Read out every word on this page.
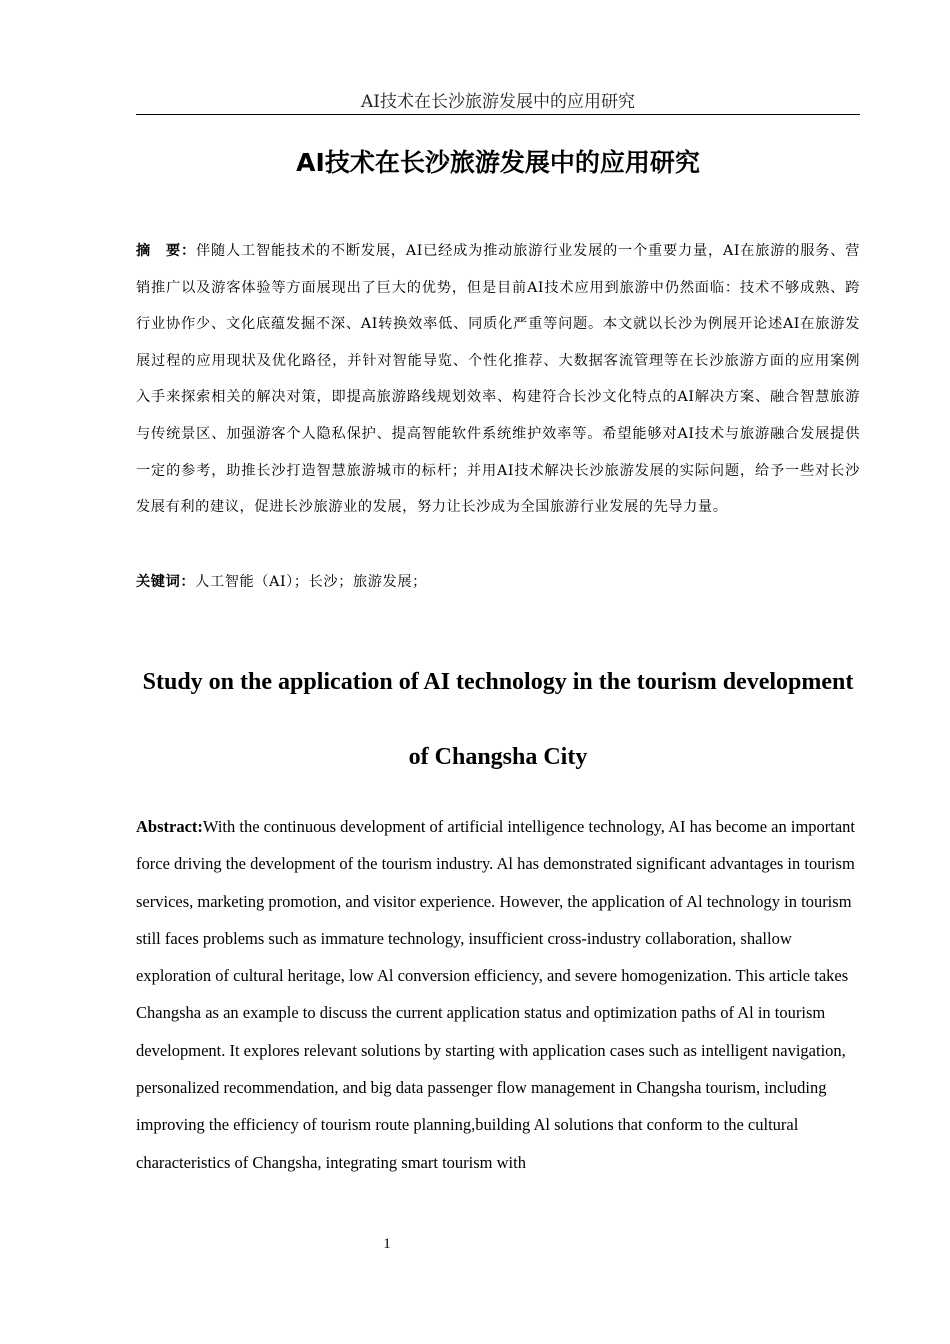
AI技术在长沙旅游发展中的应用研究
AI技术在长沙旅游发展中的应用研究
摘　要：伴随人工智能技术的不断发展，AI已经成为推动旅游行业发展的一个重要力量，AI在旅游的服务、营销推广以及游客体验等方面展现出了巨大的优势，但是目前AI技术应用到旅游中仍然面临：技术不够成熟、跨行业协作少、文化底蕴发掘不深、AI转换效率低、同质化严重等问题。本文就以长沙为例展开论述AI在旅游发展过程的应用现状及优化路径，并针对智能导览、个性化推荐、大数据客流管理等在长沙旅游方面的应用案例入手来探索相关的解决对策，即提高旅游路线规划效率、构建符合长沙文化特点的AI解决方案、融合智慧旅游与传统景区、加强游客个人隐私保护、提高智能软件系统维护效率等。希望能够对AI技术与旅游融合发展提供一定的参考，助推长沙打造智慧旅游城市的标杆；并用AI技术解决长沙旅游发展的实际问题，给予一些对长沙发展有利的建议，促进长沙旅游业的发展，努力让长沙成为全国旅游行业发展的先导力量。
关键词：人工智能（AI）；长沙；旅游发展；
Study on the application of AI technology in the tourism development of Changsha City
Abstract:With the continuous development of artificial intelligence technology, AI has become an important force driving the development of the tourism industry. Al has demonstrated significant advantages in tourism services, marketing promotion, and visitor experience. However, the application of Al technology in tourism still faces problems such as immature technology, insufficient cross-industry collaboration, shallow exploration of cultural heritage, low Al conversion efficiency, and severe homogenization. This article takes Changsha as an example to discuss the current application status and optimization paths of Al in tourism development. It explores relevant solutions by starting with application cases such as intelligent navigation, personalized recommendation, and big data passenger flow management in Changsha tourism, including improving the efficiency of tourism route planning,building Al solutions that conform to the cultural characteristics of Changsha, integrating smart tourism with
1
